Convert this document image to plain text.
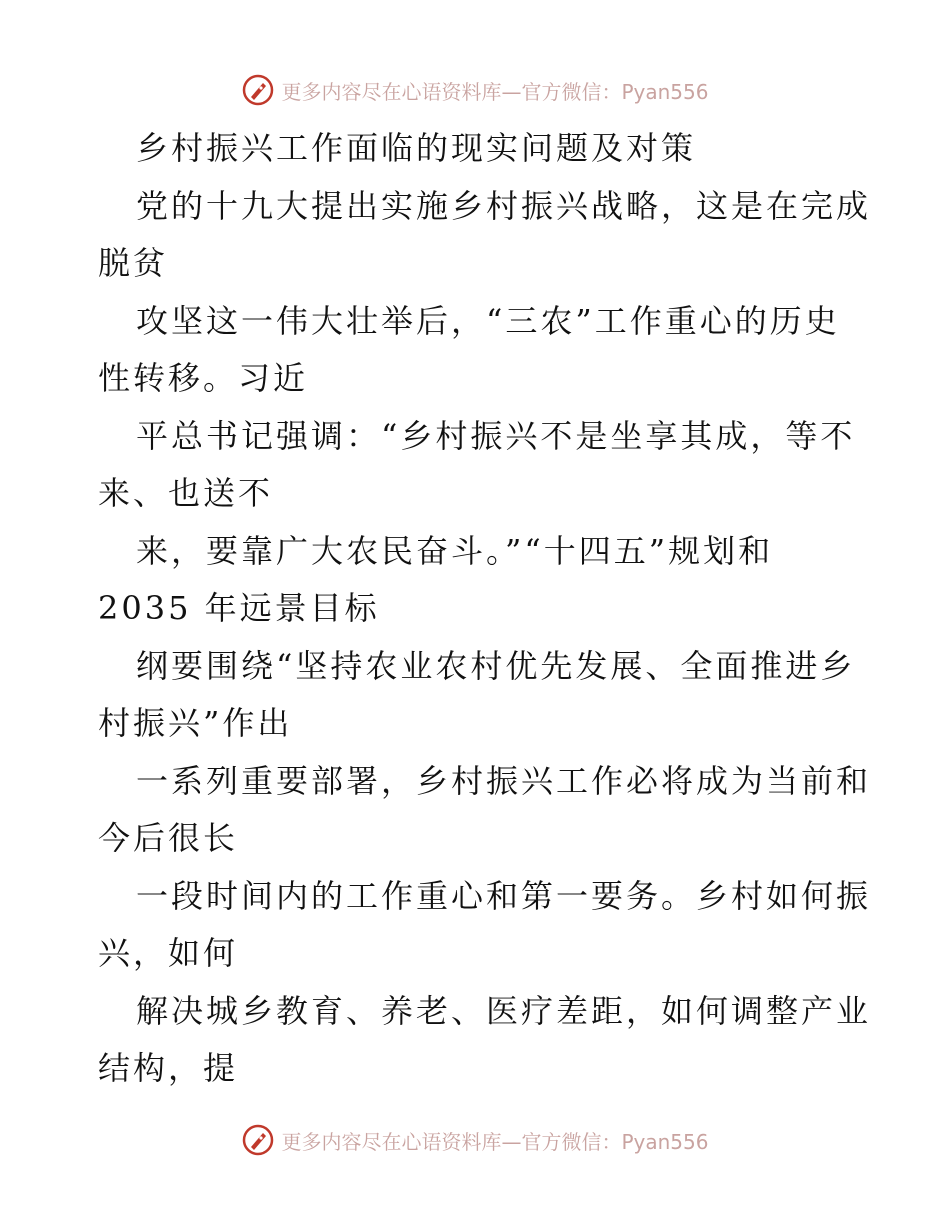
更多内容尽在心语资料库—官方微信：Pyan556
乡村振兴工作面临的现实问题及对策
党的十九大提出实施乡村振兴战略，这是在完成
脱贫
攻坚这一伟大壮举后，“三农”工作重心的历史
性转移。习近
平总书记强调：“乡村振兴不是坐享其成，等不
来、也送不
来，要靠广大农民奋斗。”“十四五”规划和
2035 年远景目标
纲要围绕“坚持农业农村优先发展、全面推进乡
村振兴”作出
一系列重要部署，乡村振兴工作必将成为当前和
今后很长
一段时间内的工作重心和第一要务。乡村如何振
兴，如何
解决城乡教育、养老、医疗差距，如何调整产业
结构，提
更多内容尽在心语资料库—官方微信：Pyan556
